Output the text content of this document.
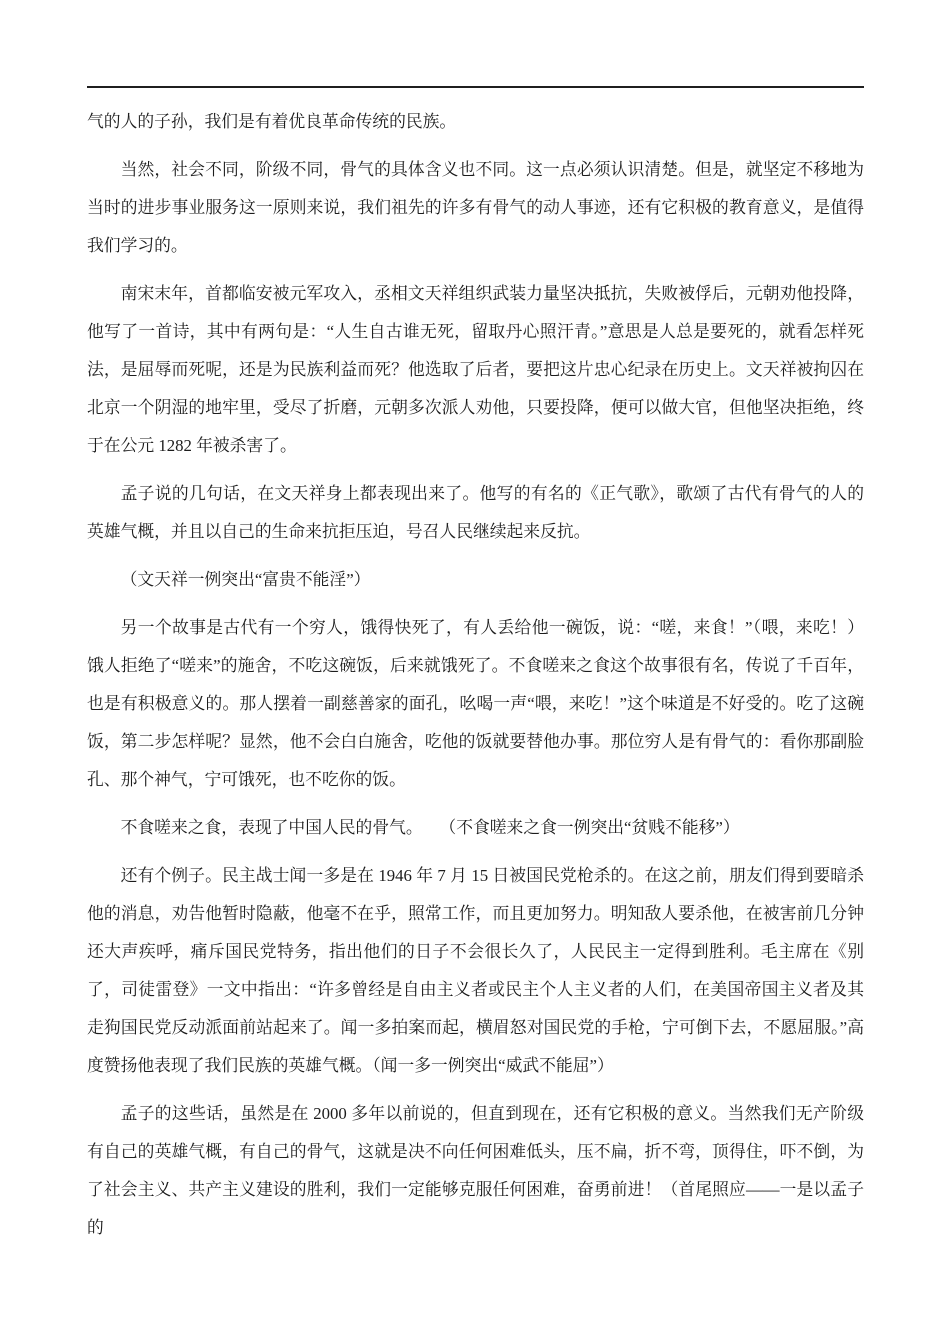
气的人的子孙，我们是有着优良革命传统的民族。

当然，社会不同，阶级不同，骨气的具体含义也不同。这一点必须认识清楚。但是，就坚定不移地为当时的进步事业服务这一原则来说，我们祖先的许多有骨气的动人事迹，还有它积极的教育意义，是值得我们学习的。

南宋末年，首都临安被元军攻入，丞相文天祥组织武装力量坚决抵抗，失败被俘后，元朝劝他投降，他写了一首诗，其中有两句是：“人生自古谁无死，留取丹心照汗青。”意思是人总是要死的，就看怎样死法，是屈辱而死呢，还是为民族利益而死？他选取了后者，要把这片忠心纪录在历史上。文天祥被拘囚在北京一个阴湿的地牢里，受尽了折磨，元朝多次派人劝他，只要投降，便可以做大官，但他坚决拒绝，终于在公元 1282 年被杀害了。

孟子说的几句话，在文天祥身上都表现出来了。他写的有名的《正气歌》，歌颂了古代有骨气的人的英雄气概，并且以自己的生命来抗拒压迫，号召人民继续起来反抗。

（文天祥一例突出“富贵不能淫”）

另一个故事是古代有一个穷人，饿得快死了，有人丢给他一碗饭，说：“嗟，来食！”（喂，来吃！）饿人拒绝了“嗟来”的施舍，不吃这碗饭，后来就饿死了。不食嗟来之食这个故事很有名，传说了千百年，也是有积极意义的。那人摆着一副慈善家的面孔，吆喝一声“喂，来吃！”这个味道是不好受的。吃了这碗饭，第二步怎样呢？显然，他不会白白施舍，吃他的饭就要替他办事。那位穷人是有骨气的：看你那副脸孔、那个神气，宁可饿死，也不吃你的饭。

不食嗟来之食，表现了中国人民的骨气。　　（不食嗟来之食一例突出“贫贱不能移”）

还有个例子。民主战士闻一多是在 1946 年 7 月 15 日被国民党枪杀的。在这之前，朋友们得到要暗杀他的消息，劝告他暂时隐蔽，他毫不在乎，照常工作，而且更加努力。明知敌人要杀他，在被害前几分钟还大声疾呼，痛斥国民党特务，指出他们的日子不会很长久了，人民民主一定得到胜利。毛主席在《别了，司徒雷登》一文中指出：“许多曾经是自由主义者或民主个人主义者的人们，在美国帝国主义者及其走狗国民党反动派面前站起来了。闻一多拍案而起，横眉怒对国民党的手枪，宁可倒下去，不愿屈服。”高度赞扬他表现了我们民族的英雄气概。（闻一多一例突出“威武不能屈”）

孟子的这些话，虽然是在 2000 多年以前说的，但直到现在，还有它积极的意义。当然我们无产阶级有自己的英雄气概，有自己的骨气，这就是决不向任何困难低头，压不扁，折不弯，顶得住，吓不倒，为了社会主义、共产主义建设的胜利，我们一定能够克服任何困难，奋勇前进！（首尾照应——一是以孟子的
